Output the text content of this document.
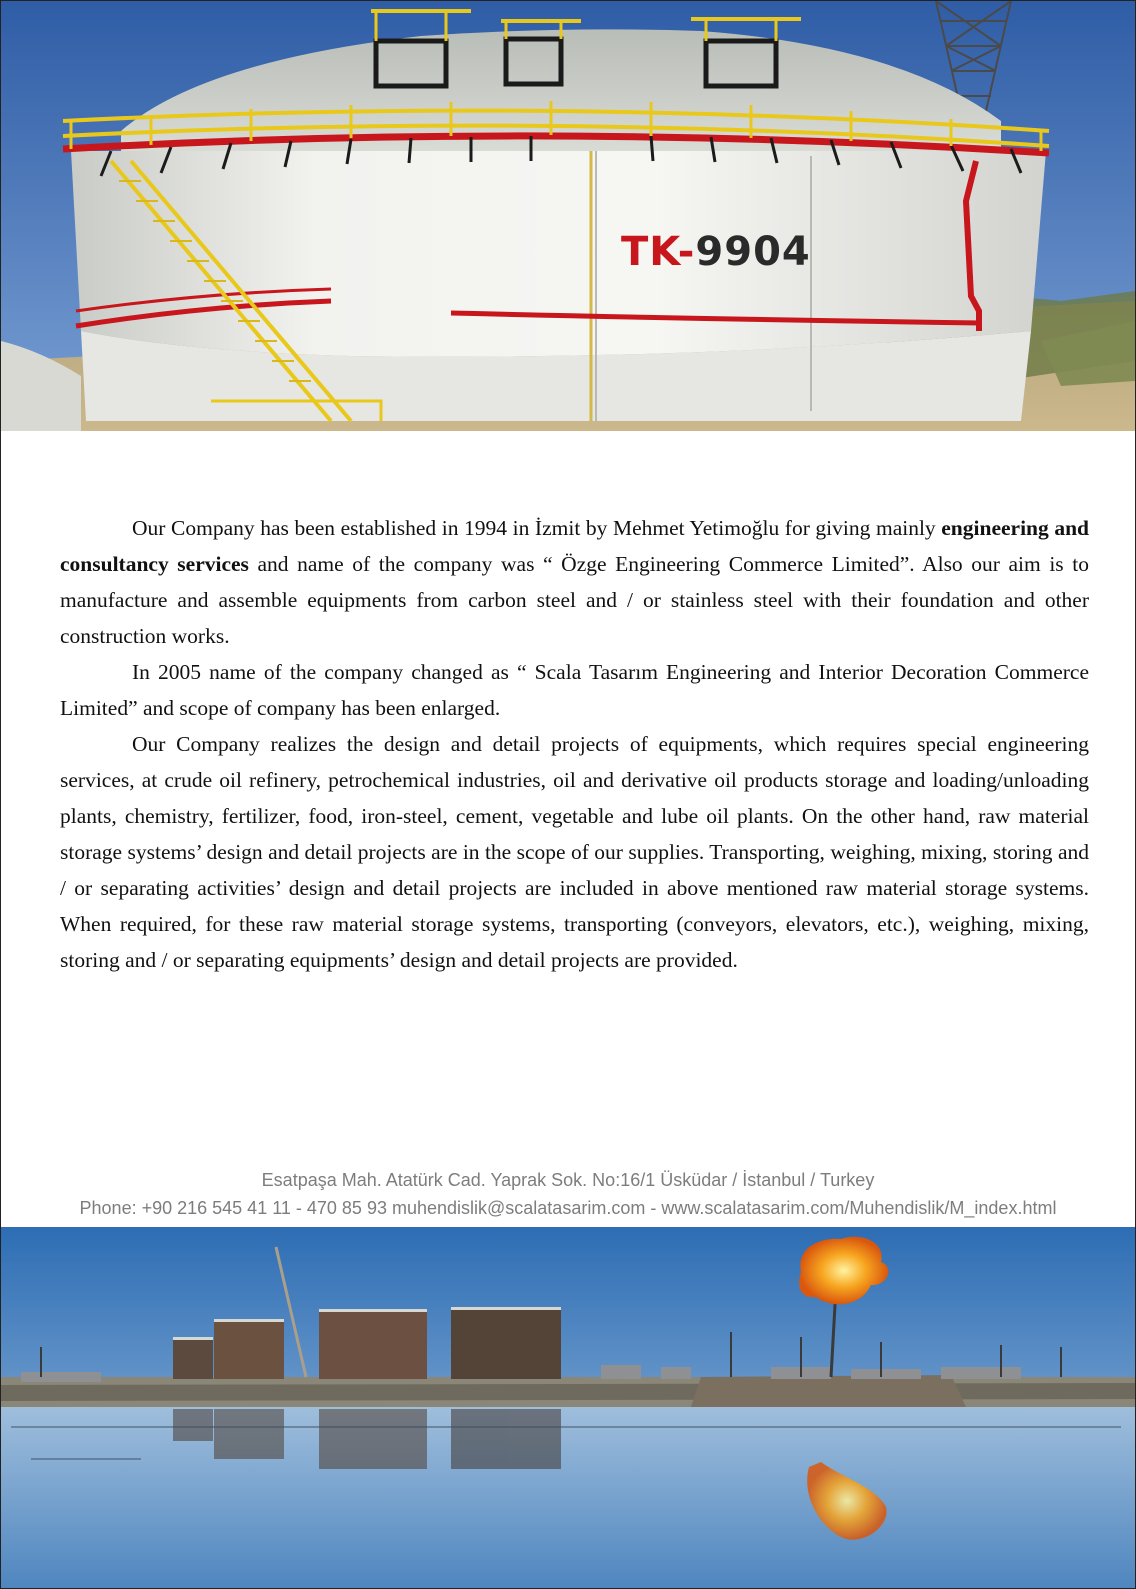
TK-9904

Our Company has been established in 1994 in İzmit by Mehmet Yetimoğlu for giving mainly engineering and consultancy services and name of the company was “ Özge Engineering Commerce Limited”. Also our aim is to manufacture and assemble equipments from carbon steel and / or stainless steel with their foundation and other construction works.

In 2005 name of the company changed as “ Scala Tasarım Engineering and Interior Decoration Commerce Limited” and scope of company has been enlarged.

Our Company realizes the design and detail projects of equipments, which requires special engineering services, at crude oil refinery, petrochemical industries, oil and derivative oil products storage and loading/unloading plants, chemistry, fertilizer, food, iron-steel, cement, vegetable and lube oil plants. On the other hand, raw material storage systems’ design and detail projects are in the scope of our supplies. Transporting, weighing, mixing, storing and / or separating activities’ design and detail projects are included in above mentioned raw material storage systems. When required, for these raw material storage systems, transporting (conveyors, elevators, etc.), weighing, mixing, storing and / or separating equipments’ design and detail projects are provided.

Esatpaşa Mah. Atatürk Cad. Yaprak Sok. No:16/1 Üsküdar / İstanbul / Turkey
Phone: +90 216 545 41 11 - 470 85 93 muhendislik@scalatasarim.com - www.scalatasarim.com/Muhendislik/M_index.html
